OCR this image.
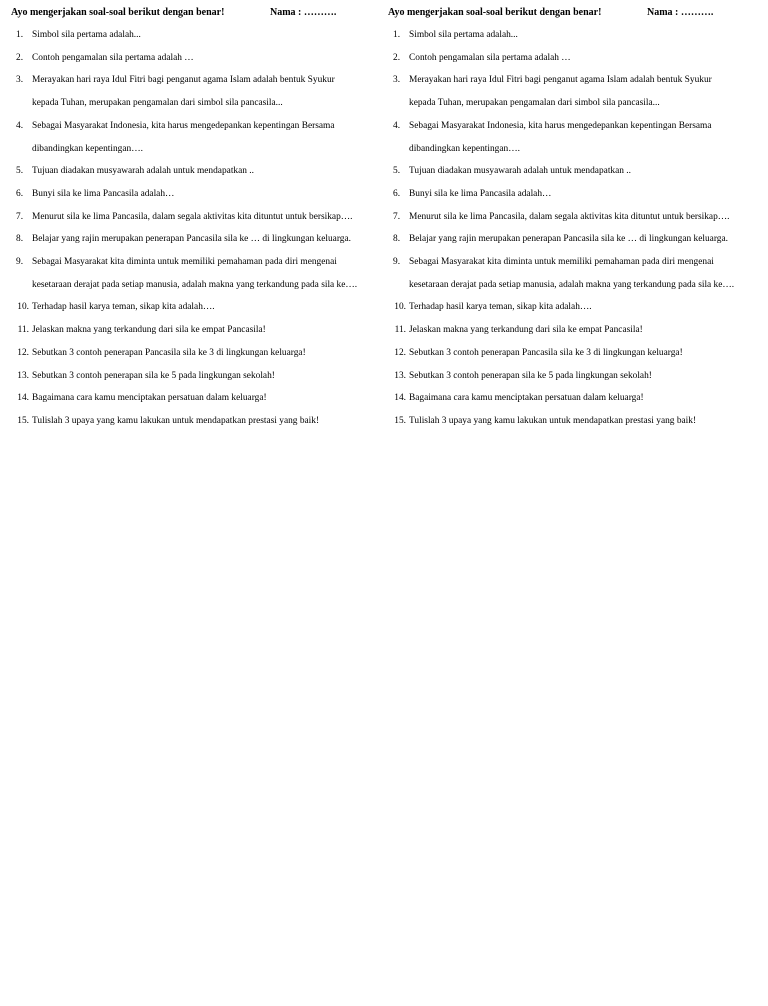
Ayo mengerjakan soal-soal berikut dengan benar!	Nama : ……….
1. Simbol sila pertama adalah...
2. Contoh pengamalan sila pertama adalah …
3. Merayakan hari raya Idul Fitri bagi penganut agama Islam adalah bentuk Syukur
kepada Tuhan, merupakan pengamalan dari simbol sila pancasila...
4. Sebagai Masyarakat Indonesia, kita harus mengedepankan kepentingan Bersama
dibandingkan kepentingan….
5. Tujuan diadakan musyawarah adalah untuk mendapatkan ..
6. Bunyi sila ke lima Pancasila adalah…
7. Menurut sila ke lima Pancasila, dalam segala aktivitas kita dituntut untuk bersikap….
8. Belajar yang rajin merupakan penerapan Pancasila sila ke … di lingkungan keluarga.
9. Sebagai Masyarakat kita diminta untuk memiliki pemahaman pada diri mengenai
kesetaraan derajat pada setiap manusia, adalah makna yang terkandung pada sila ke….
10. Terhadap hasil karya teman, sikap kita adalah….
11. Jelaskan makna yang terkandung dari sila ke empat Pancasila!
12. Sebutkan 3 contoh penerapan Pancasila sila ke 3 di lingkungan keluarga!
13. Sebutkan 3 contoh penerapan sila ke 5 pada lingkungan sekolah!
14. Bagaimana cara kamu menciptakan persatuan dalam keluarga!
15. Tulislah 3 upaya yang kamu lakukan untuk mendapatkan prestasi yang baik!
Ayo mengerjakan soal-soal berikut dengan benar!	Nama : ……….
1. Simbol sila pertama adalah...
2. Contoh pengamalan sila pertama adalah …
3. Merayakan hari raya Idul Fitri bagi penganut agama Islam adalah bentuk Syukur
kepada Tuhan, merupakan pengamalan dari simbol sila pancasila...
4. Sebagai Masyarakat Indonesia, kita harus mengedepankan kepentingan Bersama
dibandingkan kepentingan….
5. Tujuan diadakan musyawarah adalah untuk mendapatkan ..
6. Bunyi sila ke lima Pancasila adalah…
7. Menurut sila ke lima Pancasila, dalam segala aktivitas kita dituntut untuk bersikap….
8. Belajar yang rajin merupakan penerapan Pancasila sila ke … di lingkungan keluarga.
9. Sebagai Masyarakat kita diminta untuk memiliki pemahaman pada diri mengenai
kesetaraan derajat pada setiap manusia, adalah makna yang terkandung pada sila ke….
10. Terhadap hasil karya teman, sikap kita adalah….
11. Jelaskan makna yang terkandung dari sila ke empat Pancasila!
12. Sebutkan 3 contoh penerapan Pancasila sila ke 3 di lingkungan keluarga!
13. Sebutkan 3 contoh penerapan sila ke 5 pada lingkungan sekolah!
14. Bagaimana cara kamu menciptakan persatuan dalam keluarga!
15. Tulislah 3 upaya yang kamu lakukan untuk mendapatkan prestasi yang baik!
